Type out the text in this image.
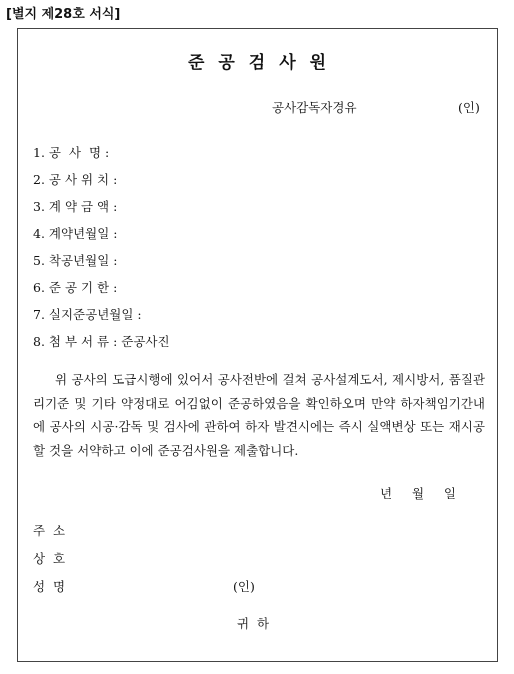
[별지 제28호 서식]
준공검사원
공사감독자경유	(인)
1. 공  사  명 :
2. 공 사 위 치 :
3. 계 약 금 액 :
4. 계약년월일 :
5. 착공년월일 :
6. 준 공 기 한 :
7. 실지준공년월일 :
8. 첨 부 서 류 : 준공사진

위 공사의 도급시행에 있어서 공사전반에 걸쳐 공사설계도서, 제시방서, 품질관리기준 및 기타 약정대로 어김없이 준공하였음을 확인하오며 만약 하자책임기간내에 공사의 시공·감독 및 검사에 관하여 하자 발견시에는 즉시 실액변상 또는 재시공할 것을 서약하고 이에 준공검사원을 제출합니다.

년     월     일
주  소
상  호
성  명	(인)
귀  하
